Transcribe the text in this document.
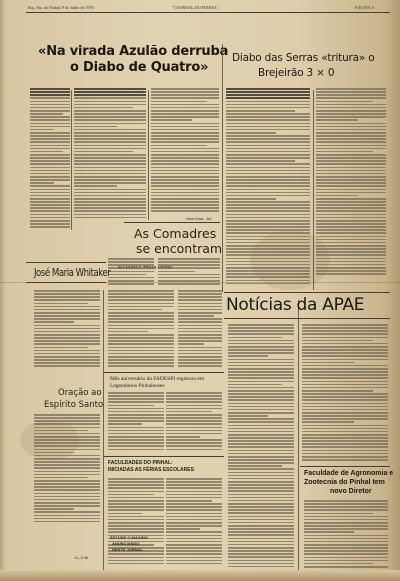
Esp. Sto. do Pinhal, 9 de Julho de 1976	"O JORNAL DO PINHAL"	PÁGINA 4
«Na virada Azulão derruba
o Diabo de Quatro»
Diabo das Serras «tritura» o
Brejeirão 3 × 0
Una Lima - A4
As Comadres
se encontram
José Maria Whitaker
Oração ao
Espírito Santo
J.L.G.M.
Mês aniversário da FADESPI registrou em Legendários Pinhalenses
FACULDADES DO PINHAL:
INICIADAS AS FÉRIAS ESCOLARES
ESTUDE O MÁXIMO
ANUNCIANDO
NESTE JORNAL
Notícias da APAE
Faculdade de Agronomia e
Zootecnia do Pinhal tem
novo Diretor
